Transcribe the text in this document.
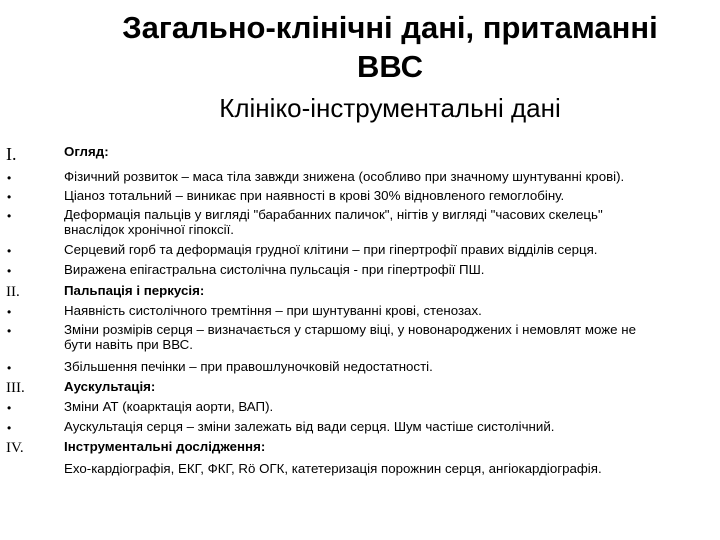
Загально-клінічні дані, притаманні
ВВС
Клініко-інструментальні дані
I.	Огляд:
•	Фізичний розвиток – маса тіла завжди знижена (особливо при значному шунтуванні крові).
•	Ціаноз тотальний – виникає при наявності в крові 30% відновленого гемоглобіну.
•	Деформація пальців у вигляді "барабанних паличок", нігтів у вигляді "часових скелець"
внаслідок хронічної гіпоксії.
•	Серцевий горб та деформація грудної клітини – при гіпертрофії правих відділів серця.
•	Виражена епігастральна систолічна пульсація - при гіпертрофії ПШ.
II.	Пальпація і перкусія:
•	Наявність систолічного тремтіння – при шунтуванні крові, стенозах.
•	Зміни розмірів серця – визначається у старшому віці, у новонароджених і немовлят може не
бути навіть при ВВС.
•	Збільшення печінки – при правошлуночковій недостатності.
III.	Аускультація:
•	Зміни АТ (коарктація аорти, ВАП).
•	Аускультація серця – зміни залежать від вади серця. Шум частіше систолічний.
IV.	Інструментальні дослідження:
Ехо-кардіографія, ЕКГ, ФКГ, Rö ОГК, катетеризація порожнин серця, ангіокардіографія.
